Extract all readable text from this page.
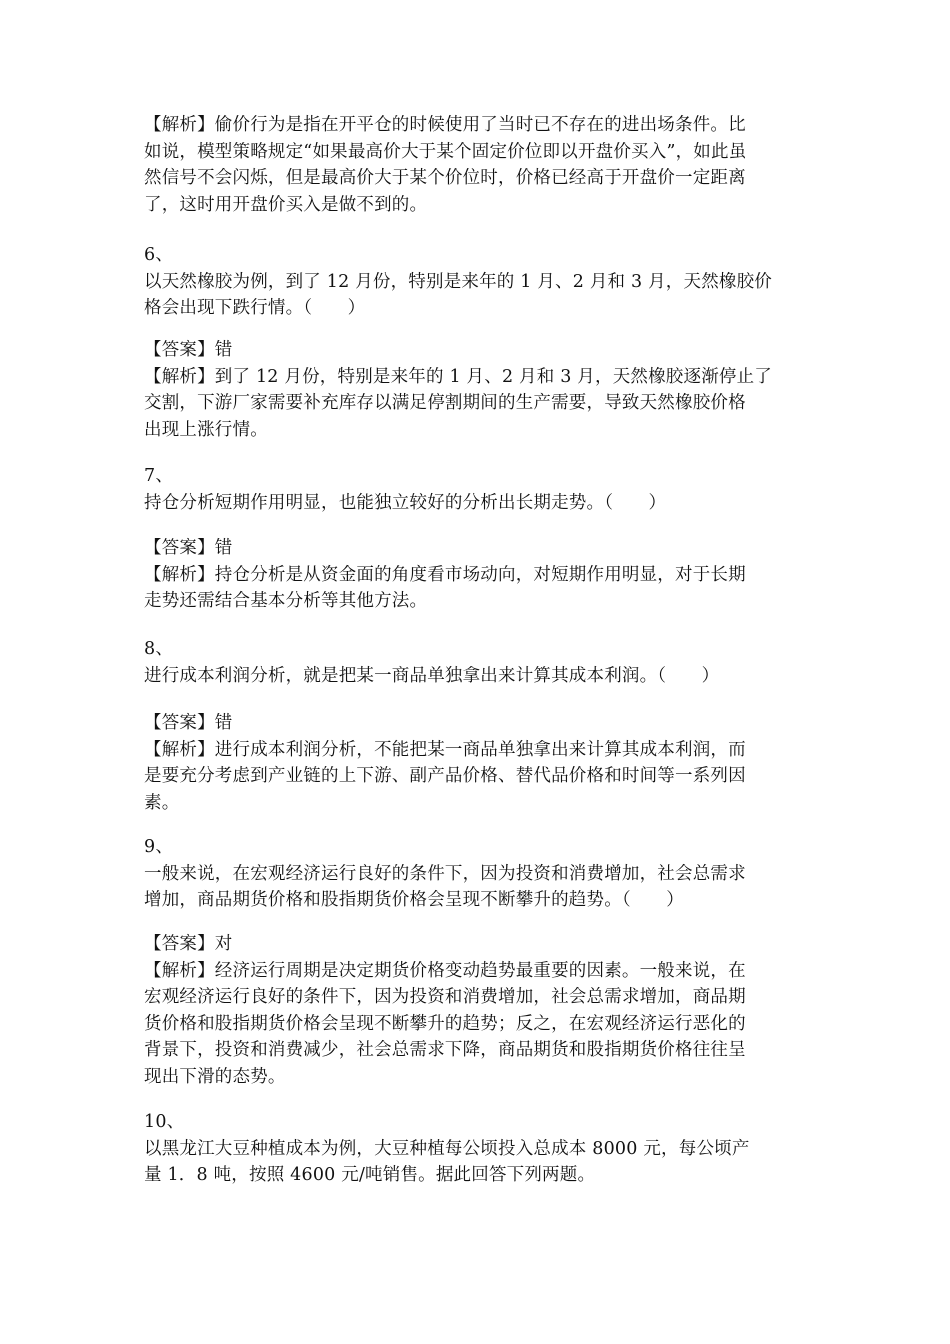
【解析】偷价行为是指在开平仓的时候使用了当时已不存在的进出场条件。比
如说，模型策略规定“如果最高价大于某个固定价位即以开盘价买入”，如此虽
然信号不会闪烁，但是最高价大于某个价位时，价格已经高于开盘价一定距离
了，这时用开盘价买入是做不到的。
6、
以天然橡胶为例，到了 12 月份，特别是来年的 1 月、2 月和 3 月，天然橡胶价
格会出现下跌行情。（　　）
【答案】错
【解析】到了 12 月份，特别是来年的 1 月、2 月和 3 月，天然橡胶逐渐停止了
交割，下游厂家需要补充库存以满足停割期间的生产需要，导致天然橡胶价格
出现上涨行情。
7、
持仓分析短期作用明显，也能独立较好的分析出长期走势。（　　）
【答案】错
【解析】持仓分析是从资金面的角度看市场动向，对短期作用明显，对于长期
走势还需结合基本分析等其他方法。
8、
进行成本利润分析，就是把某一商品单独拿出来计算其成本利润。（　　）
【答案】错
【解析】进行成本利润分析，不能把某一商品单独拿出来计算其成本利润，而
是要充分考虑到产业链的上下游、副产品价格、替代品价格和时间等一系列因
素。
9、
一般来说，在宏观经济运行良好的条件下，因为投资和消费增加，社会总需求
增加，商品期货价格和股指期货价格会呈现不断攀升的趋势。（　　）
【答案】对
【解析】经济运行周期是决定期货价格变动趋势最重要的因素。一般来说，在
宏观经济运行良好的条件下，因为投资和消费增加，社会总需求增加，商品期
货价格和股指期货价格会呈现不断攀升的趋势；反之，在宏观经济运行恶化的
背景下，投资和消费减少，社会总需求下降，商品期货和股指期货价格往往呈
现出下滑的态势。
10、
以黑龙江大豆种植成本为例，大豆种植每公顷投入总成本 8000 元，每公顷产
量 1．8 吨，按照 4600 元/吨销售。据此回答下列两题。
